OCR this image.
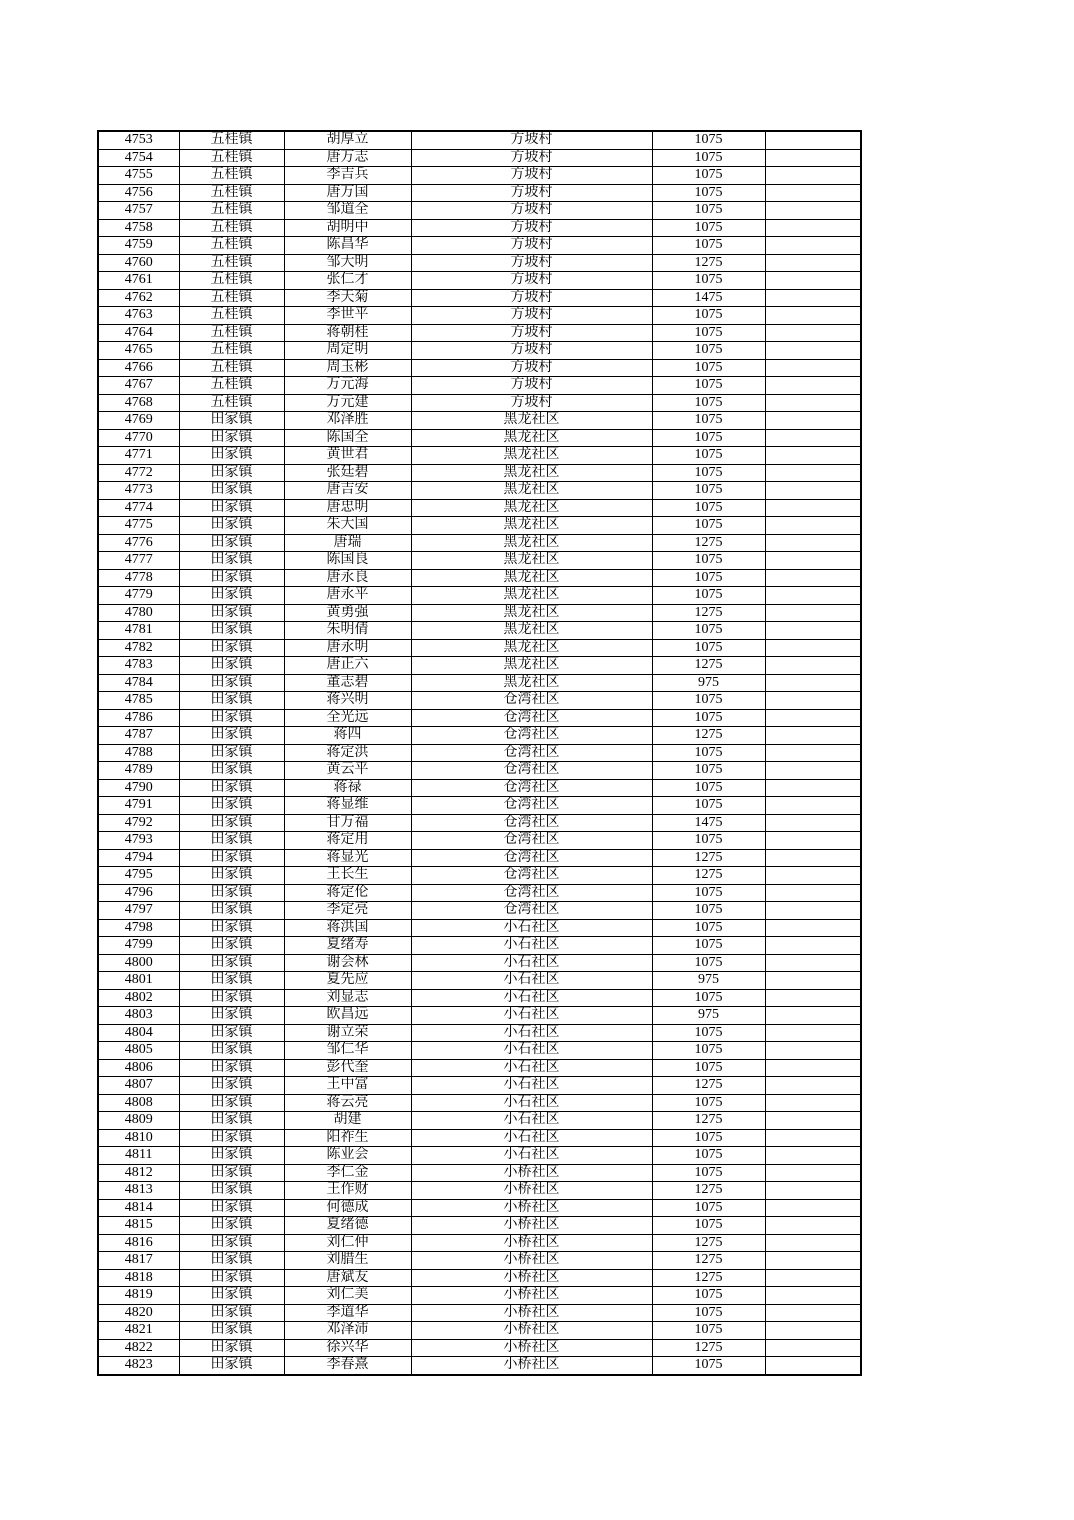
4753	五桂镇	胡厚立	方坡村	1075	
4754	五桂镇	唐万志	方坡村	1075	
4755	五桂镇	李吉兵	方坡村	1075	
4756	五桂镇	唐万国	方坡村	1075	
4757	五桂镇	邹道全	方坡村	1075	
4758	五桂镇	胡明中	方坡村	1075	
4759	五桂镇	陈昌华	方坡村	1075	
4760	五桂镇	邹大明	方坡村	1275	
4761	五桂镇	张仁才	方坡村	1075	
4762	五桂镇	李天菊	方坡村	1475	
4763	五桂镇	李世平	方坡村	1075	
4764	五桂镇	蒋朝桂	方坡村	1075	
4765	五桂镇	周定明	方坡村	1075	
4766	五桂镇	周玉彬	方坡村	1075	
4767	五桂镇	万元海	方坡村	1075	
4768	五桂镇	万元建	方坡村	1075	
4769	田家镇	邓泽胜	黑龙社区	1075	
4770	田家镇	陈国全	黑龙社区	1075	
4771	田家镇	黄世君	黑龙社区	1075	
4772	田家镇	张廷碧	黑龙社区	1075	
4773	田家镇	唐吉安	黑龙社区	1075	
4774	田家镇	唐忠明	黑龙社区	1075	
4775	田家镇	朱大国	黑龙社区	1075	
4776	田家镇	唐瑞	黑龙社区	1275	
4777	田家镇	陈国良	黑龙社区	1075	
4778	田家镇	唐永良	黑龙社区	1075	
4779	田家镇	唐永平	黑龙社区	1075	
4780	田家镇	黄勇强	黑龙社区	1275	
4781	田家镇	朱明倩	黑龙社区	1075	
4782	田家镇	唐永明	黑龙社区	1075	
4783	田家镇	唐正六	黑龙社区	1275	
4784	田家镇	董志碧	黑龙社区	975	
4785	田家镇	蒋兴明	仓湾社区	1075	
4786	田家镇	全光远	仓湾社区	1075	
4787	田家镇	蒋四	仓湾社区	1275	
4788	田家镇	蒋定洪	仓湾社区	1075	
4789	田家镇	黄云平	仓湾社区	1075	
4790	田家镇	蒋禄	仓湾社区	1075	
4791	田家镇	蒋显维	仓湾社区	1075	
4792	田家镇	甘万福	仓湾社区	1475	
4793	田家镇	蒋定用	仓湾社区	1075	
4794	田家镇	蒋显光	仓湾社区	1275	
4795	田家镇	王长生	仓湾社区	1275	
4796	田家镇	蒋定伦	仓湾社区	1075	
4797	田家镇	李定亮	仓湾社区	1075	
4798	田家镇	蒋洪国	小石社区	1075	
4799	田家镇	夏绪寿	小石社区	1075	
4800	田家镇	谢会林	小石社区	1075	
4801	田家镇	夏先应	小石社区	975	
4802	田家镇	刘显志	小石社区	1075	
4803	田家镇	欧昌远	小石社区	975	
4804	田家镇	谢立荣	小石社区	1075	
4805	田家镇	邹仁华	小石社区	1075	
4806	田家镇	彭代奎	小石社区	1075	
4807	田家镇	王中富	小石社区	1275	
4808	田家镇	蒋云亮	小石社区	1075	
4809	田家镇	胡建	小石社区	1275	
4810	田家镇	阳祚生	小石社区	1075	
4811	田家镇	陈业会	小石社区	1075	
4812	田家镇	李仁金	小桥社区	1075	
4813	田家镇	王作财	小桥社区	1275	
4814	田家镇	何德成	小桥社区	1075	
4815	田家镇	夏绪德	小桥社区	1075	
4816	田家镇	刘仁仲	小桥社区	1275	
4817	田家镇	刘腊生	小桥社区	1275	
4818	田家镇	唐斌友	小桥社区	1275	
4819	田家镇	刘仁美	小桥社区	1075	
4820	田家镇	李道华	小桥社区	1075	
4821	田家镇	邓泽沛	小桥社区	1075	
4822	田家镇	徐兴华	小桥社区	1275	
4823	田家镇	李春熹	小桥社区	1075	
